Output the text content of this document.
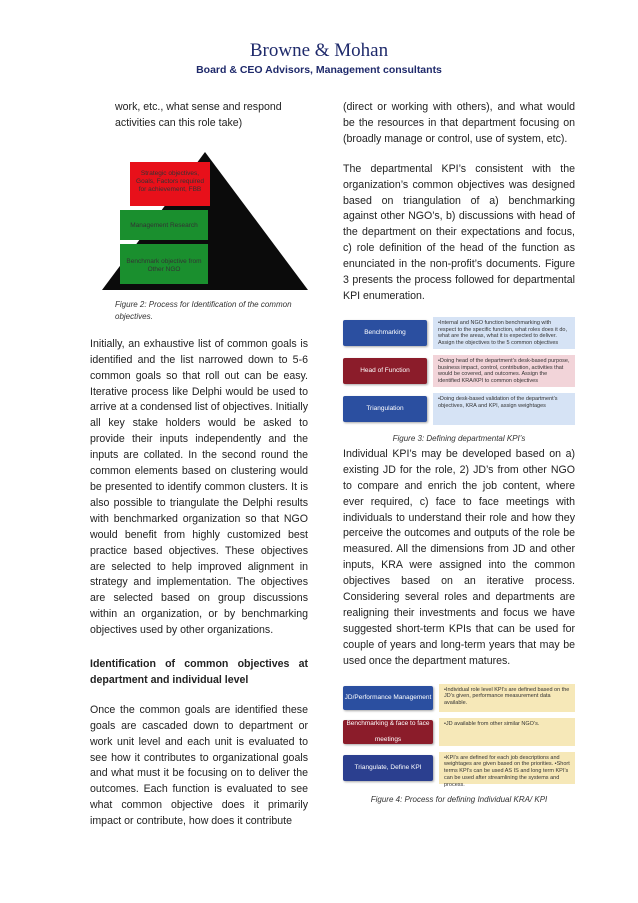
Browne & Mohan
Board & CEO Advisors, Management consultants

work, etc., what sense and respond activities can this role take)

Strategic objectives, Goals, Factors required for achievement, FBB
Management Research
Benchmark objective from Other NGO

Figure 2: Process for Identification of the common objectives.

Initially, an exhaustive list of common goals is identified and the list narrowed down to 5-6 common goals so that roll out can be easy. Iterative process like Delphi would be used to arrive at a condensed list of objectives. Initially all key stake holders would be asked to provide their inputs independently and the inputs are collated. In the second round the common elements based on clustering would be presented to identify common clusters. It is also possible to triangulate the Delphi results with benchmarked organization so that NGO would benefit from highly customized best practice based objectives. These objectives are selected to help improved alignment in strategy and implementation. The objectives are selected based on group discussions within an organization, or by benchmarking objectives used by other organizations.

Identification of common objectives at department and individual level

Once the common goals are identified these goals are cascaded down to department or work unit level and each unit is evaluated to see how it contributes to organizational goals and what must it be focusing on to deliver the outcomes. Each function is evaluated to see what common objective does it primarily impact or contribute, how does it contribute

(direct or working with others), and what would be the resources in that department focusing on (broadly manage or control, use of system, etc).

The departmental KPI’s consistent with the organization’s common objectives was designed based on triangulation of a) benchmarking against other NGO’s, b) discussions with head of the department on their expectations and focus, c) role definition of the head of the function as enunciated in the non-profit’s documents. Figure 3 presents the process followed for departmental KPI enumeration.

Benchmarking
•Internal and NGO function benchmarking with respect to the specific function, what roles does it do, what are the areas, what it is expected to deliver. Assign the objectives to the 5 common objectives
Head of Function
•Doing head of the department’s desk-based purpose, business impact, control, contribution, activities that would be covered, and outcomes. Assign the identified KRA/KPI to common objectives
Triangulation
•Doing desk-based validation of the department’s objectives, KRA and KPI, assign weightages

Figure 3: Defining departmental KPI’s

Individual KPI’s may be developed based on a) existing JD for the role, 2) JD’s from other NGO to compare and enrich the job content, where ever required, c) face to face meetings with individuals to understand their role and how they perceive the outcomes and outputs of the role be measured. All the dimensions from JD and other inputs, KRA were assigned into the common objectives based on an iterative process. Considering several roles and departments are realigning their investments and focus we have suggested short-term KPIs that can be used for couple of years and long-term years that may be used once the department matures.

JD/Performance Management
•Individual role level KPI’s are defined based on the JD’s given, performance measurement data available.
Benchmarking & face to face meetings
•JD available from other similar NGO’s.
Triangulate, Define KPI
•KPI’s are defined for each job descriptions and weightages are given based on the priorities. •Short terms KPI’s can be used AS IS and long term KPI’s can be used after streamlining the systems and process.

Figure 4: Process for defining Individual KRA/ KPI
